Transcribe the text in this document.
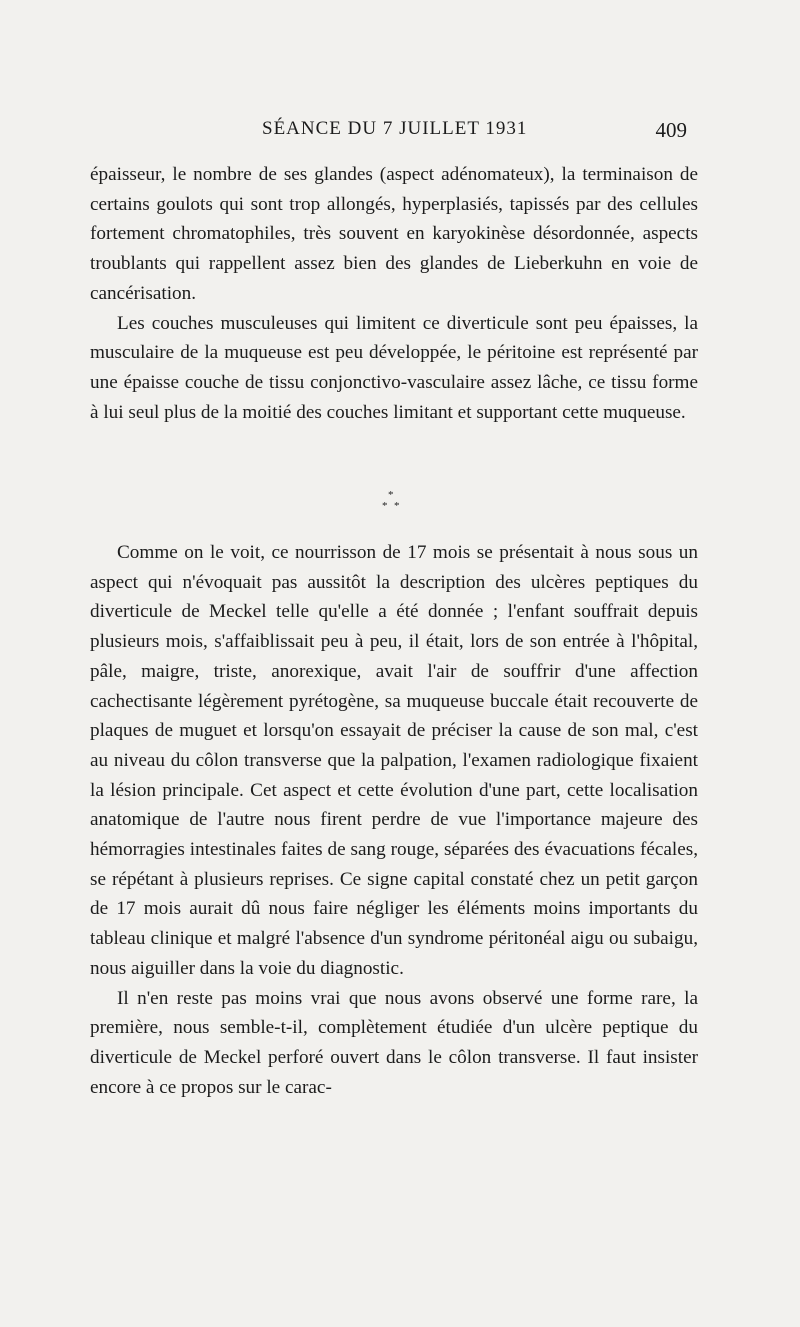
SÉANCE DU 7 JUILLET 1931	409

épaisseur, le nombre de ses glandes (aspect adénomateux), la terminaison de certains goulots qui sont trop allongés, hyperplasiés, tapissés par des cellules fortement chromatophiles, très souvent en karyokinèse désordonnée, aspects troublants qui rappellent assez bien des glandes de Lieberkuhn en voie de cancérisation.

Les couches musculeuses qui limitent ce diverticule sont peu épaisses, la musculaire de la muqueuse est peu développée, le péritoine est représenté par une épaisse couche de tissu conjonctivo-vasculaire assez lâche, ce tissu forme à lui seul plus de la moitié des couches limitant et supportant cette muqueuse.

*
* *

Comme on le voit, ce nourrisson de 17 mois se présentait à nous sous un aspect qui n'évoquait pas aussitôt la description des ulcères peptiques du diverticule de Meckel telle qu'elle a été donnée ; l'enfant souffrait depuis plusieurs mois, s'affaiblissait peu à peu, il était, lors de son entrée à l'hôpital, pâle, maigre, triste, anorexique, avait l'air de souffrir d'une affection cachectisante légèrement pyrétogène, sa muqueuse buccale était recouverte de plaques de muguet et lorsqu'on essayait de préciser la cause de son mal, c'est au niveau du côlon transverse que la palpation, l'examen radiologique fixaient la lésion principale. Cet aspect et cette évolution d'une part, cette localisation anatomique de l'autre nous firent perdre de vue l'importance majeure des hémorragies intestinales faites de sang rouge, séparées des évacuations fécales, se répétant à plusieurs reprises. Ce signe capital constaté chez un petit garçon de 17 mois aurait dû nous faire négliger les éléments moins importants du tableau clinique et malgré l'absence d'un syndrome péritonéal aigu ou subaigu, nous aiguiller dans la voie du diagnostic.

Il n'en reste pas moins vrai que nous avons observé une forme rare, la première, nous semble-t-il, complètement étudiée d'un ulcère peptique du diverticule de Meckel perforé ouvert dans le côlon transverse. Il faut insister encore à ce propos sur le carac-
